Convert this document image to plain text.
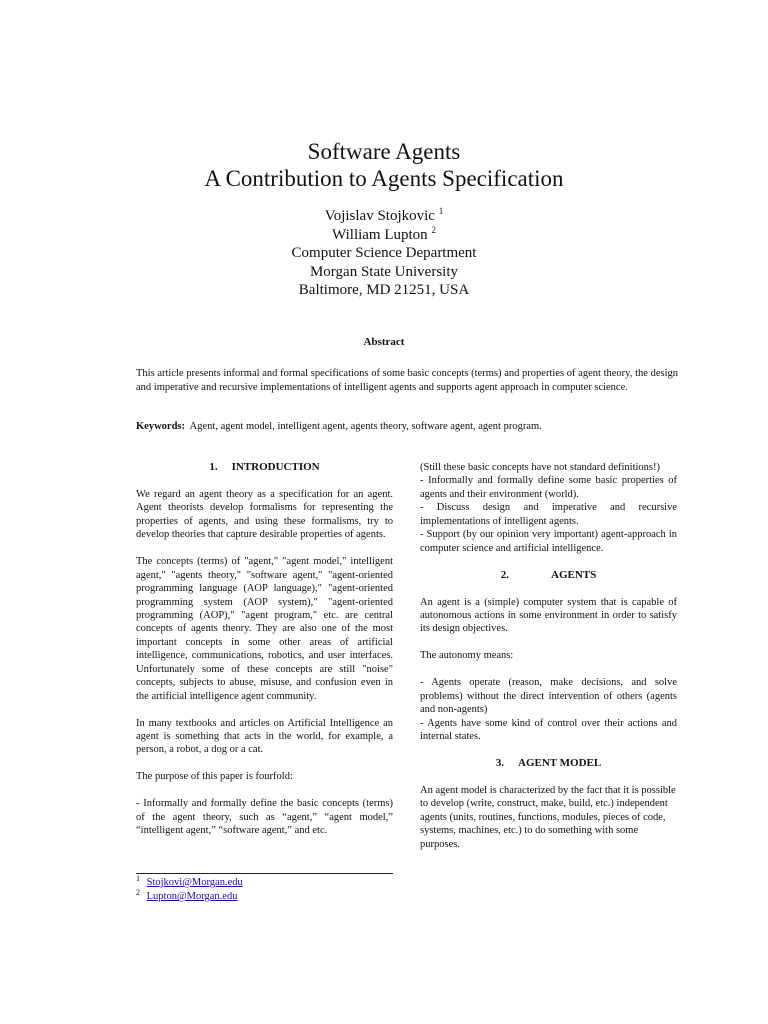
Software Agents
A Contribution to Agents Specification
Vojislav Stojkovic $^1$
William Lupton $^2$
Computer Science Department
Morgan State University
Baltimore, MD 21251, USA
Abstract
This article presents informal and formal specifications of some basic concepts (terms) and properties of agent theory, the design and imperative and recursive implementations of intelligent agents and supports agent approach in computer science.
Keywords: Agent, agent model, intelligent agent, agents theory, software agent, agent program.

1. INTRODUCTION

We regard an agent theory as a specification for an agent. Agent theorists develop formalisms for representing the properties of agents, and using these formalisms, try to develop theories that capture desirable properties of agents.

The concepts (terms) of "agent," "agent model," intelligent agent," "agents theory," "software agent," "agent-oriented programming language (AOP language)," "agent-oriented programming system (AOP system)," "agent-oriented programming (AOP)," "agent program," etc. are central concepts of agents theory. They are also one of the most important concepts in some other areas of artificial intelligence, communications, robotics, and user interfaces. Unfortunately some of these concepts are still "noise" concepts, subjects to abuse, misuse, and confusion even in the artificial intelligence agent community.

In many textbooks and articles on Artificial Intelligence an agent is something that acts in the world, for example, a person, a robot, a dog or a cat.

The purpose of this paper is fourfold:

- Informally and formally define the basic concepts (terms) of the agent theory, such as “agent,” “agent model,” “intelligent agent,” “software agent,” and etc.

(Still these basic concepts have not standard definitions!)

- Informally and formally define some basic properties of agents and their environment (world).

- Discuss design and imperative and recursive implementations of intelligent agents.

- Support (by our opinion very important) agent-approach in computer science and artificial intelligence.

2.	AGENTS

An agent is a (simple) computer system that is capable of autonomous actions in some environment in order to satisfy its design objectives.

The autonomy means:

- Agents operate (reason, make decisions, and solve problems) without the direct intervention of others (agents and non-agents)

- Agents have some kind of control over their actions and internal states.

3. AGENT MODEL

An agent model is characterized by the fact that it is possible to develop (write, construct, make, build, etc.) independent agents (units, routines, functions, modules, pieces of code, systems, machines, etc.) to do something with some purposes.

$^1$ Stojkovi@Morgan.edu
$^2$ Lupton@Morgan.edu
